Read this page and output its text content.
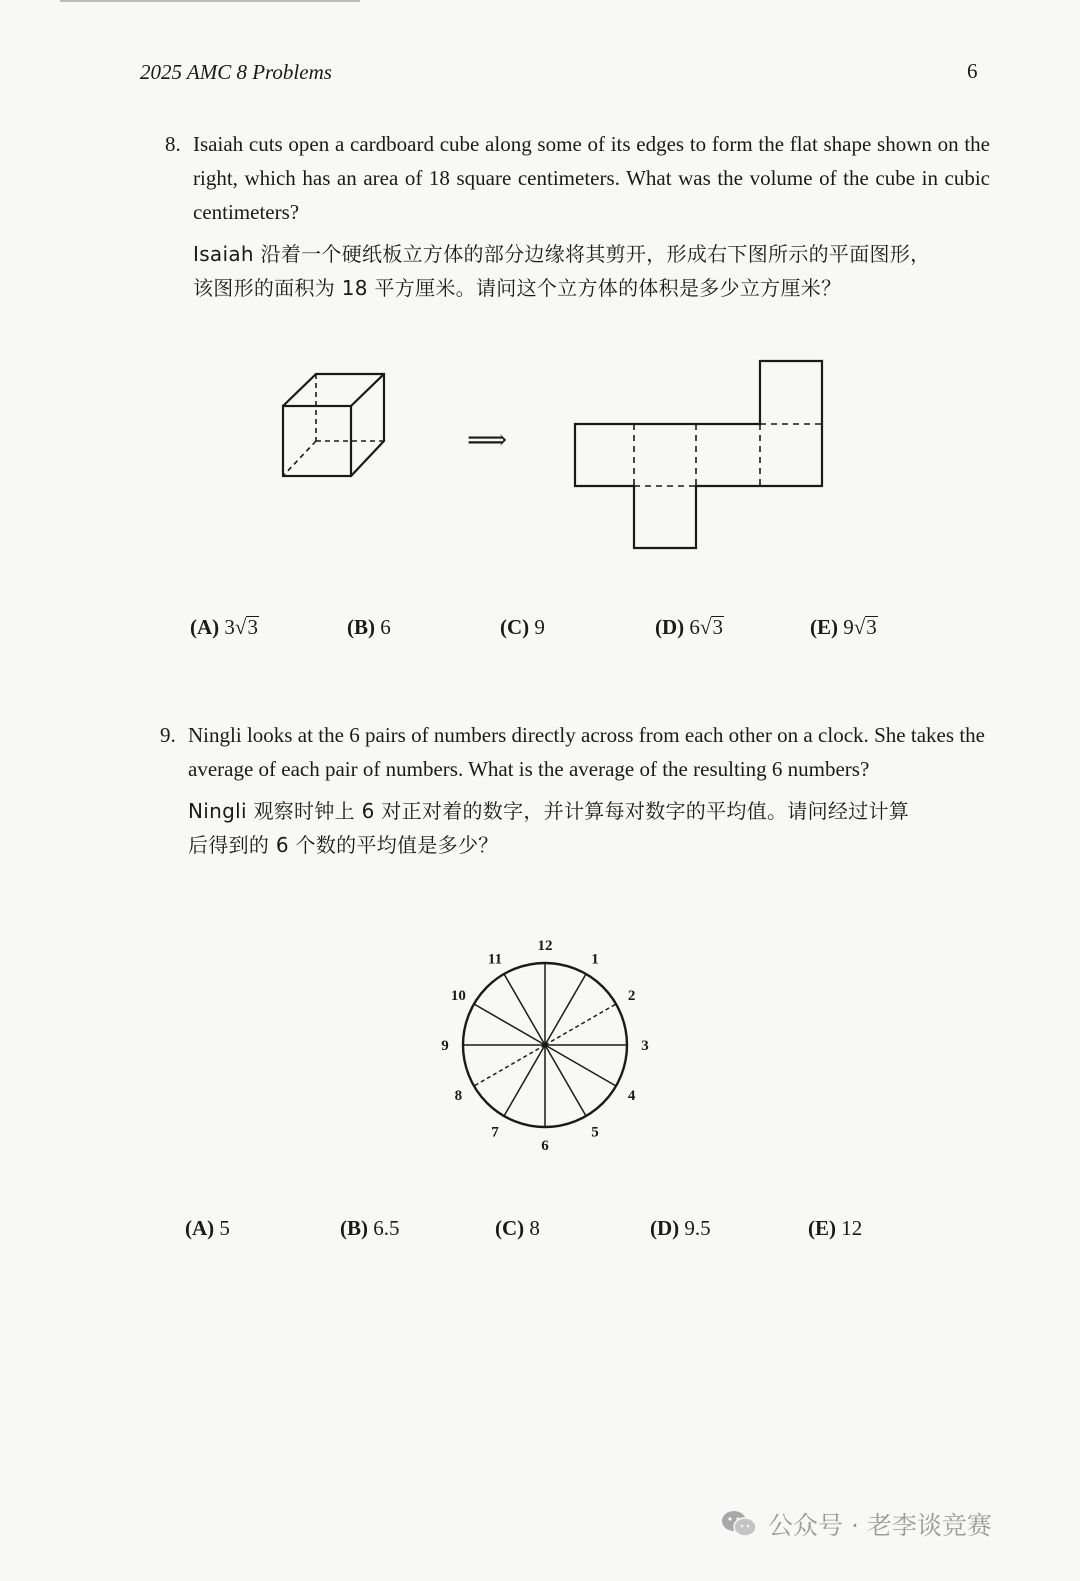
2025 AMC 8 Problems	6
8. Isaiah cuts open a cardboard cube along some of its edges to form the flat shape shown on the right, which has an area of 18 square centimeters. What was the volume of the cube in cubic centimeters?
Isaiah 沿着一个硬纸板立方体的部分边缘将其剪开，形成右下图所示的平面图形，
该图形的面积为 18 平方厘米。请问这个立方体的体积是多少立方厘米？
⟹
(A) 3√3	(B) 6	(C) 9	(D) 6√3	(E) 9√3
9. Ningli looks at the 6 pairs of numbers directly across from each other on a clock. She takes the average of each pair of numbers. What is the average of the resulting 6 numbers?
Ningli 观察时钟上 6 对正对着的数字，并计算每对数字的平均值。请问经过计算
后得到的 6 个数的平均值是多少？
12
1
2
3
4
5
6
7
8
9
10
11
(A) 5	(B) 6.5	(C) 8	(D) 9.5	(E) 12
公众号 · 老李谈竞赛
